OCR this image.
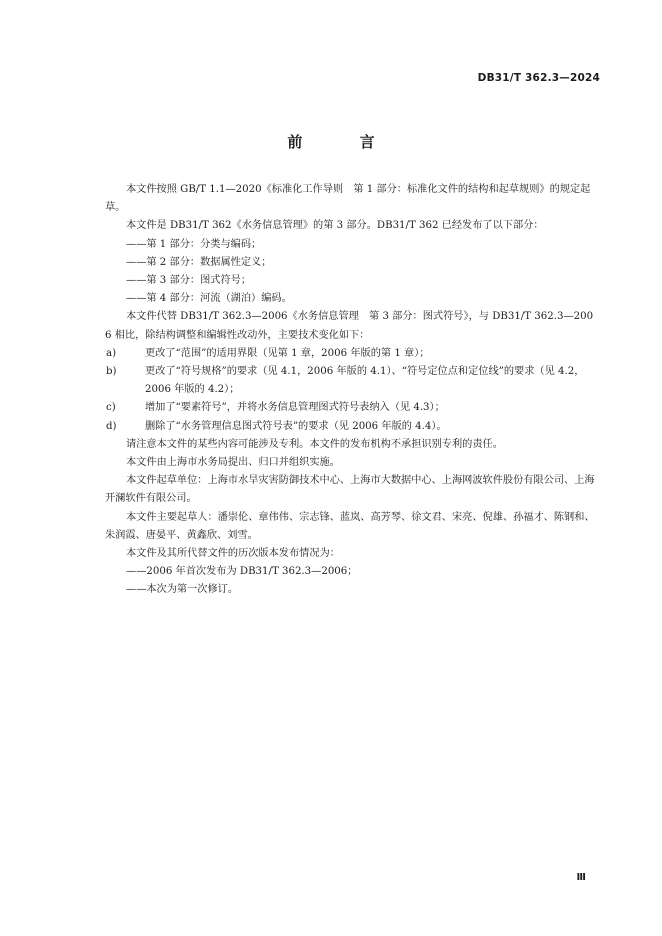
DB31/T 362.3—2024
前 言

本文件按照 GB/T 1.1—2020《标准化工作导则　第 1 部分：标准化文件的结构和起草规则》的规定起草。

本文件是 DB31/T 362《水务信息管理》的第 3 部分。DB31/T 362 已经发布了以下部分：

——第 1 部分：分类与编码；

——第 2 部分：数据属性定义；

——第 3 部分：图式符号；

——第 4 部分：河流（湖泊）编码。

本文件代替 DB31/T 362.3—2006《水务信息管理　第 3 部分：图式符号》，与 DB31/T 362.3—2006 相比，除结构调整和编辑性改动外，主要技术变化如下：

a)	更改了“范围”的适用界限（见第 1 章，2006 年版的第 1 章）；

b)	更改了“符号规格”的要求（见 4.1，2006 年版的 4.1）、“符号定位点和定位线”的要求（见 4.2，2006 年版的 4.2）；

c)	增加了“要素符号”，并将水务信息管理图式符号表纳入（见 4.3）；

d)	删除了“水务管理信息图式符号表”的要求（见 2006 年版的 4.4）。

请注意本文件的某些内容可能涉及专利。本文件的发布机构不承担识别专利的责任。

本文件由上海市水务局提出、归口并组织实施。

本文件起草单位：上海市水旱灾害防御技术中心、上海市大数据中心、上海网波软件股份有限公司、上海开澜软件有限公司。

本文件主要起草人：潘崇伦、章伟伟、宗志锋、蓝岚、高芳琴、徐文君、宋亮、倪雄、孙福才、陈钢和、朱润霞、唐晏平、黄鑫欣、刘雪。

本文件及其所代替文件的历次版本发布情况为：

——2006 年首次发布为 DB31/T 362.3—2006；

——本次为第一次修订。

Ⅲ
